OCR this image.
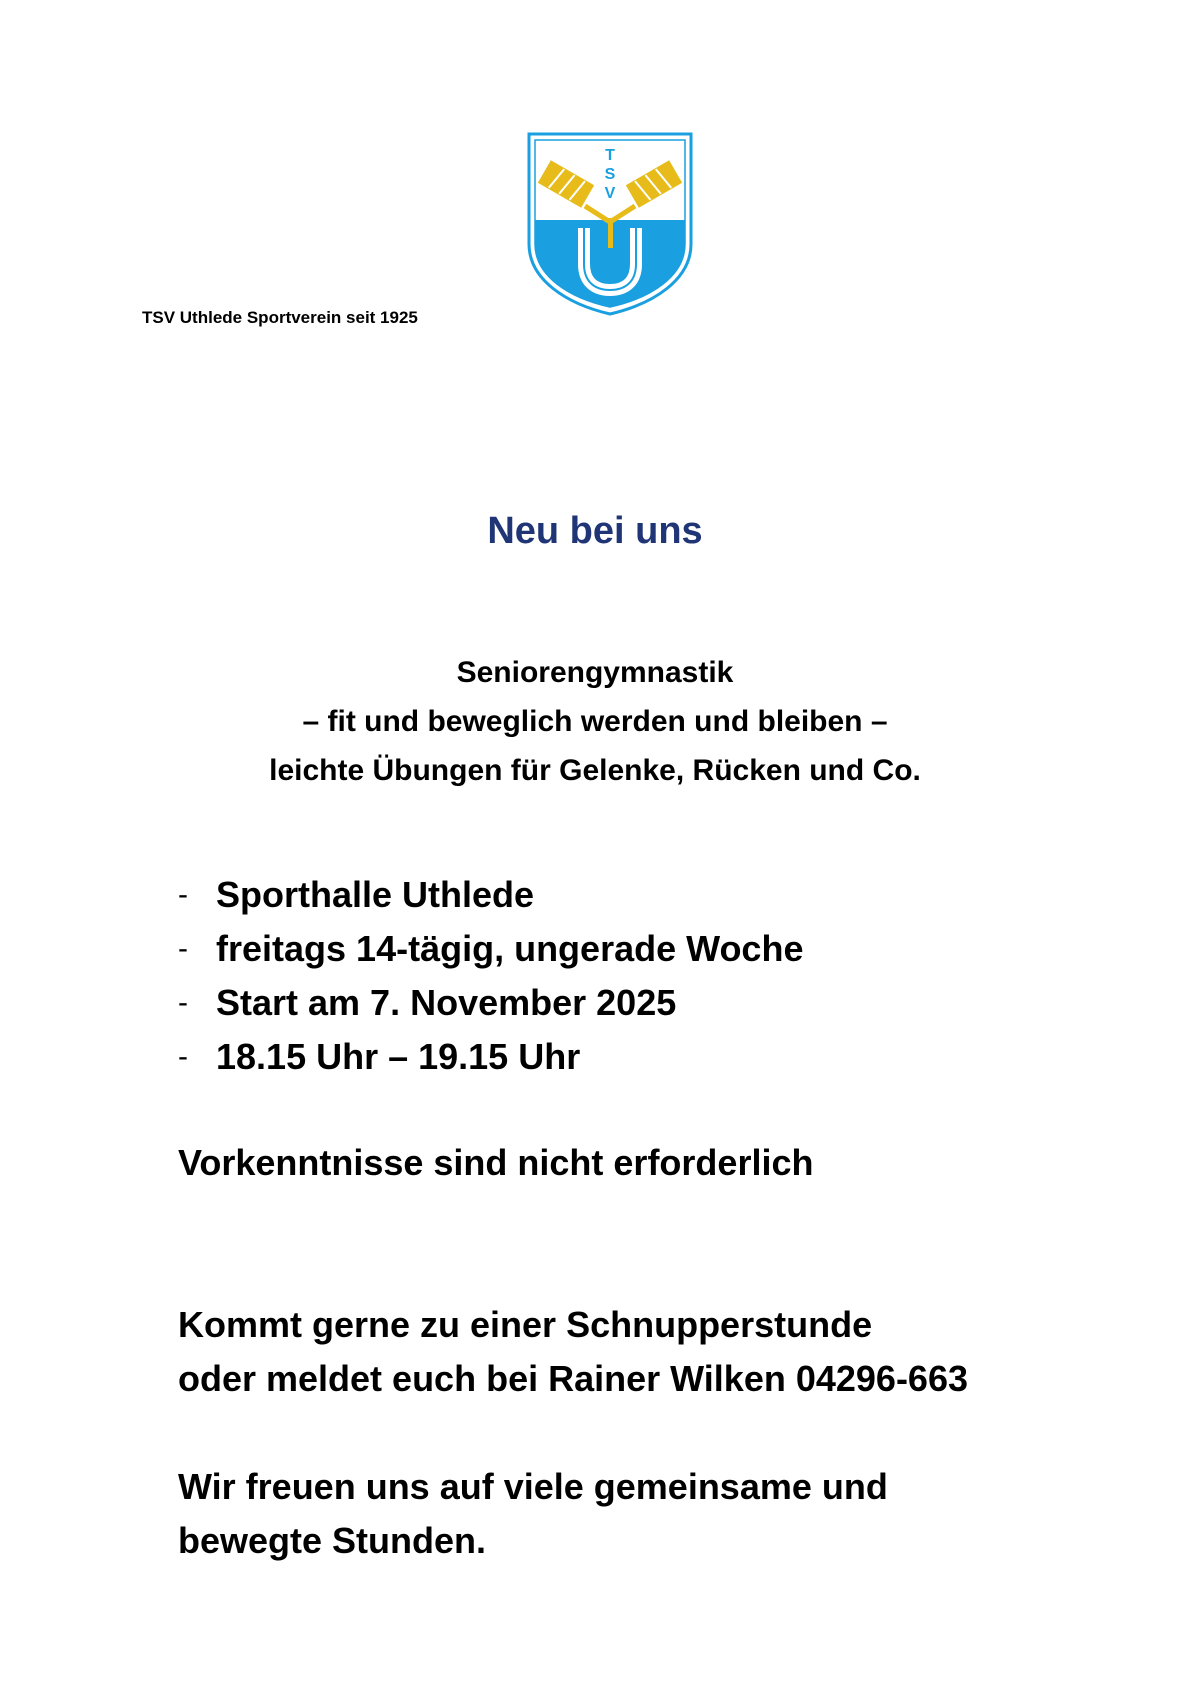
TSV Uthlede Sportverein seit 1925
T
S
V
Neu bei uns
Seniorengymnastik
– fit und beweglich werden und bleiben –
leichte Übungen für Gelenke, Rücken und Co.
- Sporthalle Uthlede
- freitags 14-tägig, ungerade Woche
- Start am 7. November 2025
- 18.15 Uhr – 19.15 Uhr
Vorkenntnisse sind nicht erforderlich
Kommt gerne zu einer Schnupperstunde
oder meldet euch bei Rainer Wilken 04296-663
Wir freuen uns auf viele gemeinsame und
bewegte Stunden.
